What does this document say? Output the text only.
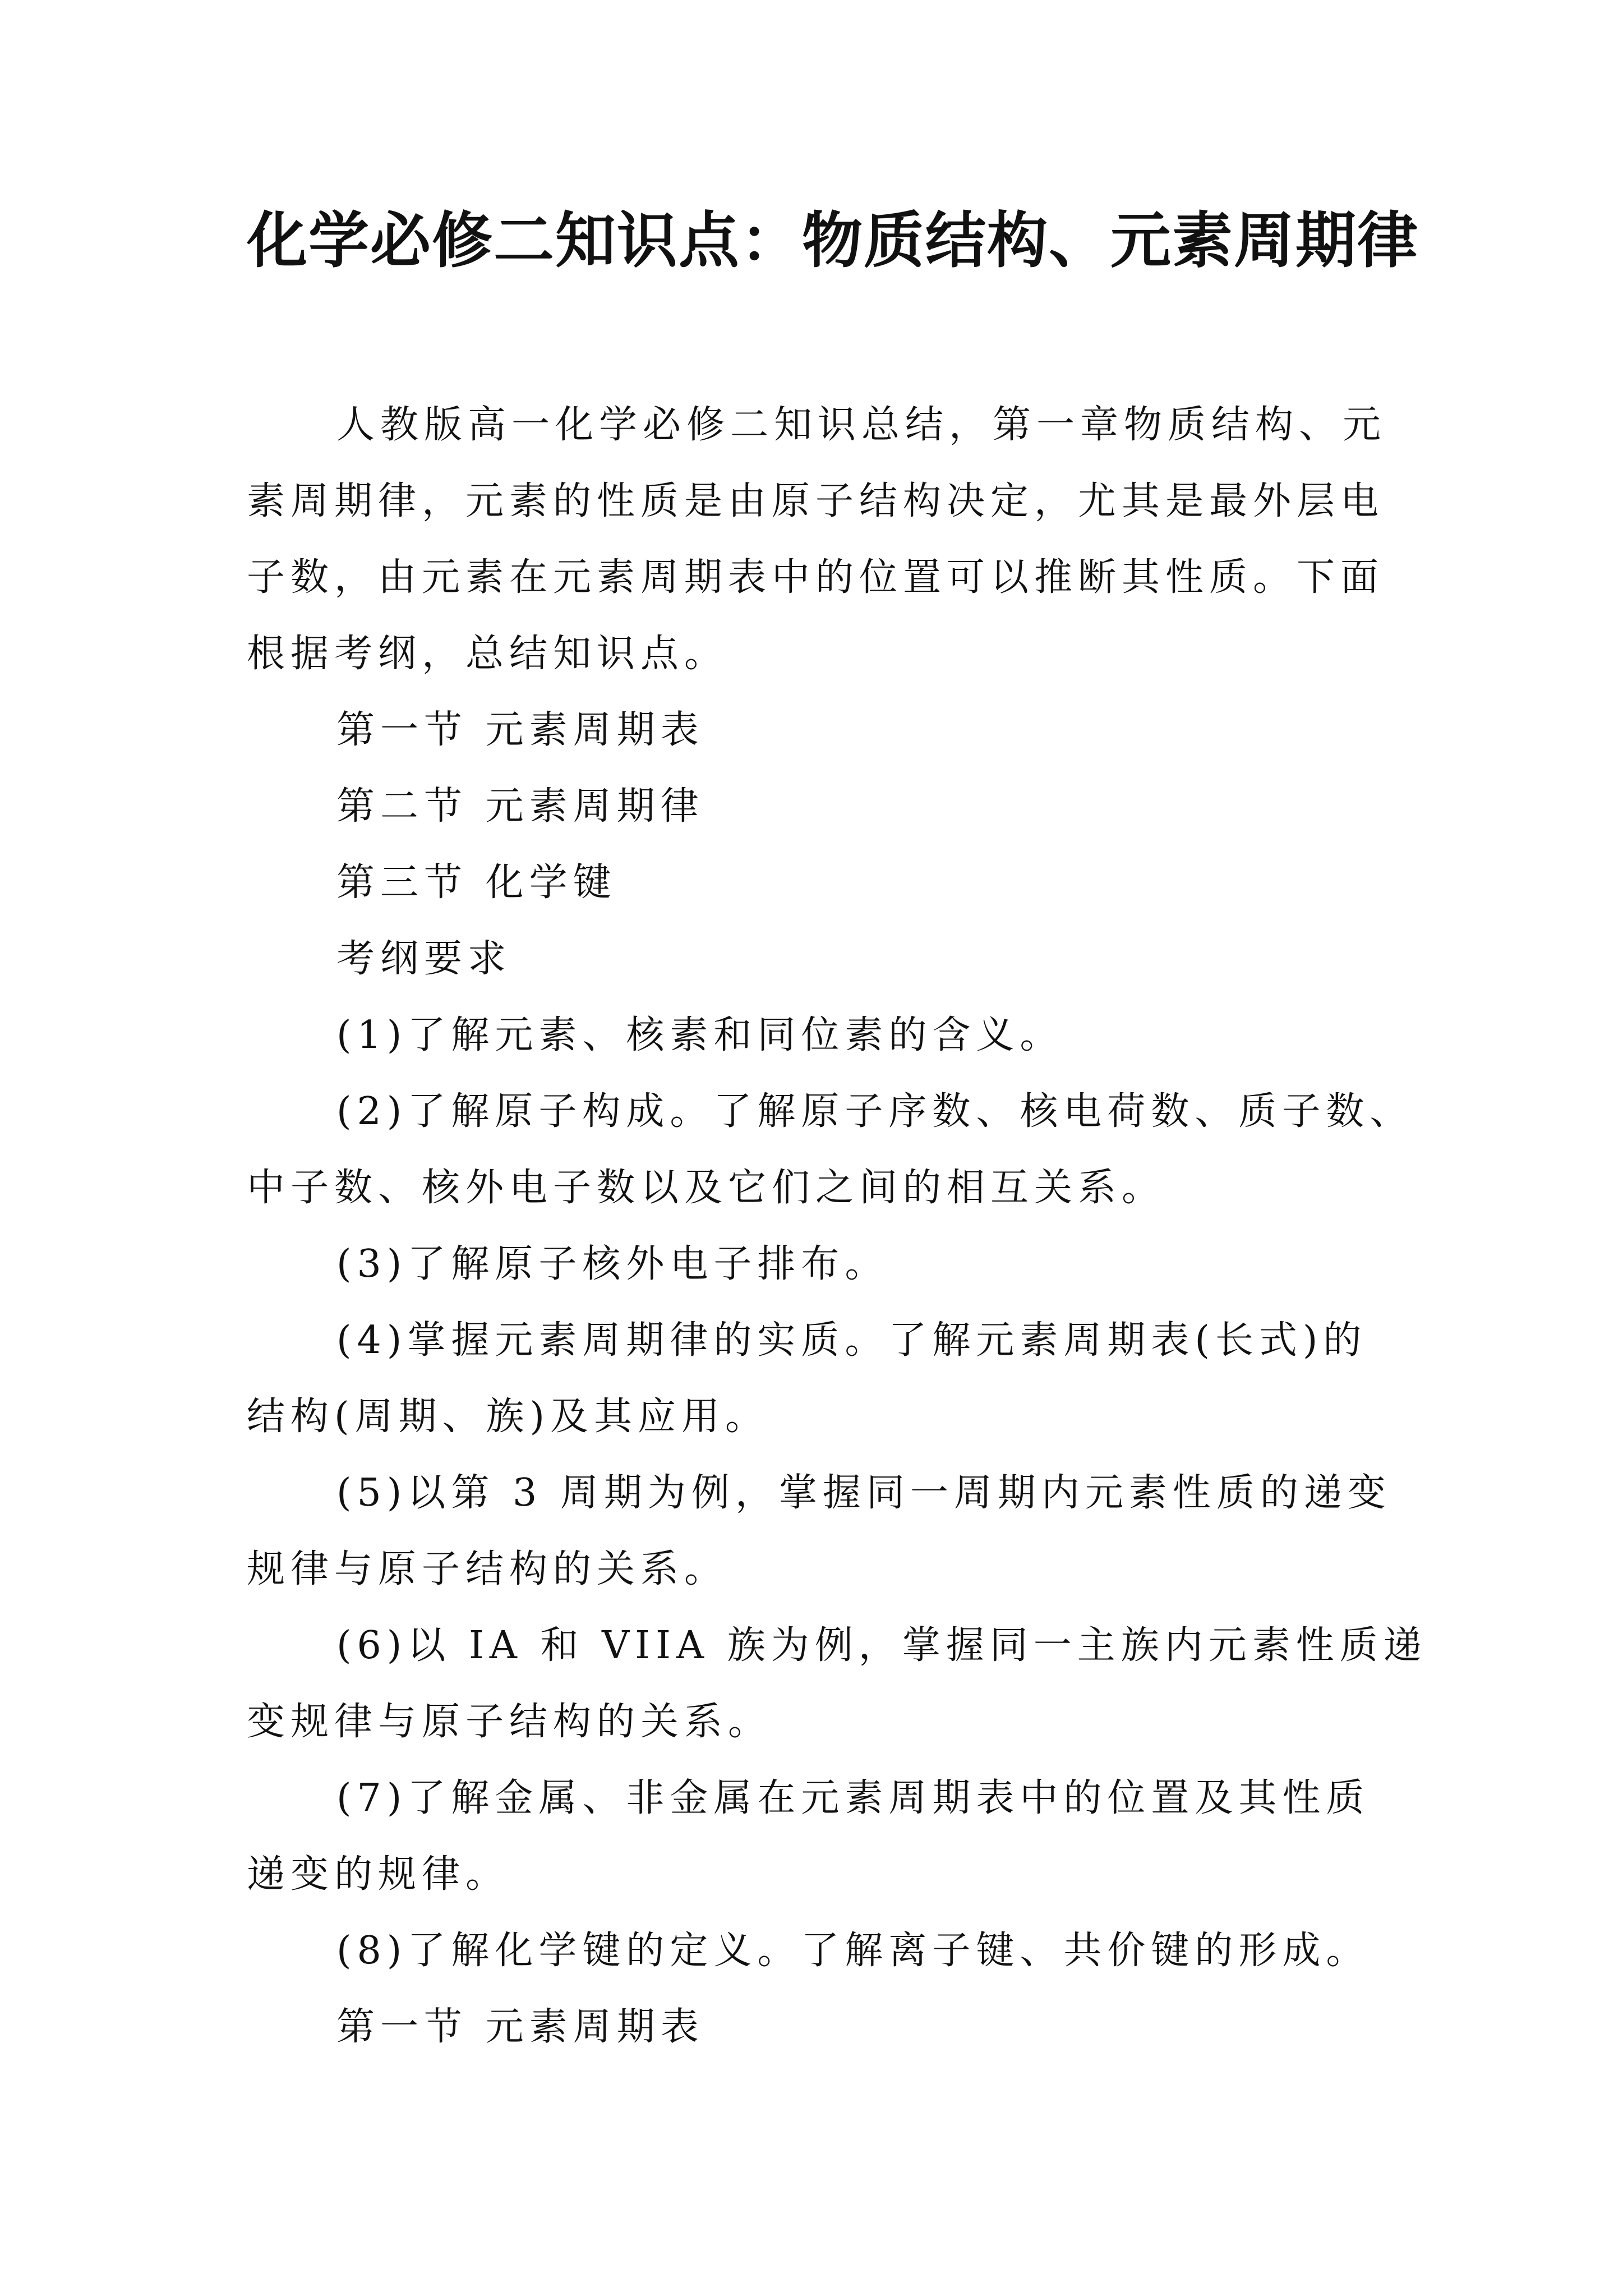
化学必修二知识点：物质结构、元素周期律

人教版高一化学必修二知识总结，第一章物质结构、元

素周期律，元素的性质是由原子结构决定，尤其是最外层电

子数，由元素在元素周期表中的位置可以推断其性质。下面

根据考纲，总结知识点。

第一节 元素周期表

第二节 元素周期律

第三节 化学键

考纲要求

(1)了解元素、核素和同位素的含义。

(2)了解原子构成。了解原子序数、核电荷数、质子数、

中子数、核外电子数以及它们之间的相互关系。

(3)了解原子核外电子排布。

(4)掌握元素周期律的实质。了解元素周期表(长式)的

结构(周期、族)及其应用。

(5)以第 3 周期为例，掌握同一周期内元素性质的递变

规律与原子结构的关系。

(6)以 IA 和 VIIA 族为例，掌握同一主族内元素性质递

变规律与原子结构的关系。

(7)了解金属、非金属在元素周期表中的位置及其性质

递变的规律。

(8)了解化学键的定义。了解离子键、共价键的形成。

第一节 元素周期表
